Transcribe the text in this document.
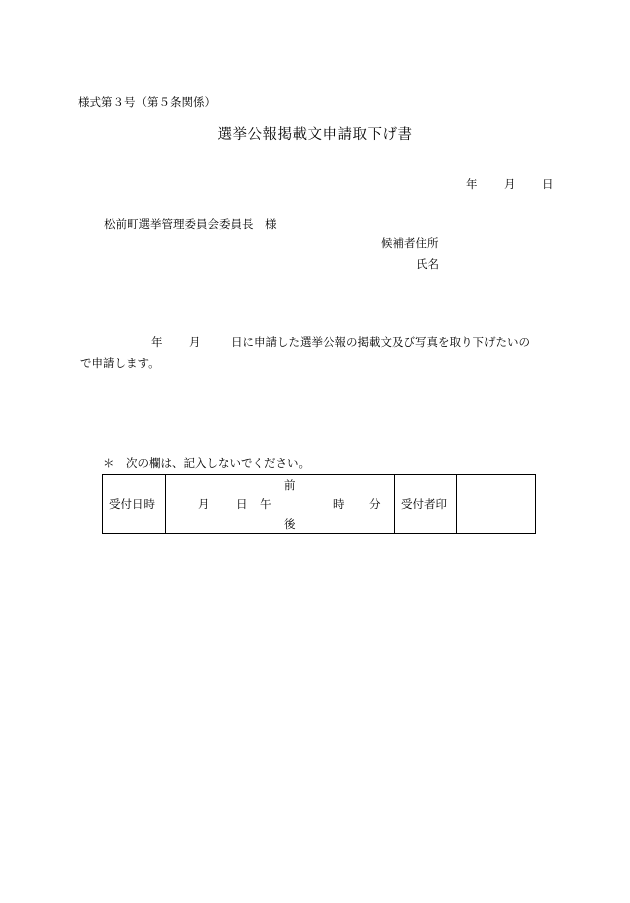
様式第３号（第５条関係）
選挙公報掲載文申請取下げ書
年 月 日
松前町選挙管理委員会委員長　様
候補者住所
氏名
年 月	日に申請した選挙公報の掲載文及び写真を取り下げたいの
で申請します。
＊　次の欄は、記入しないでください。
受付日時	月 日 午
前
後
時 分 受付者印
